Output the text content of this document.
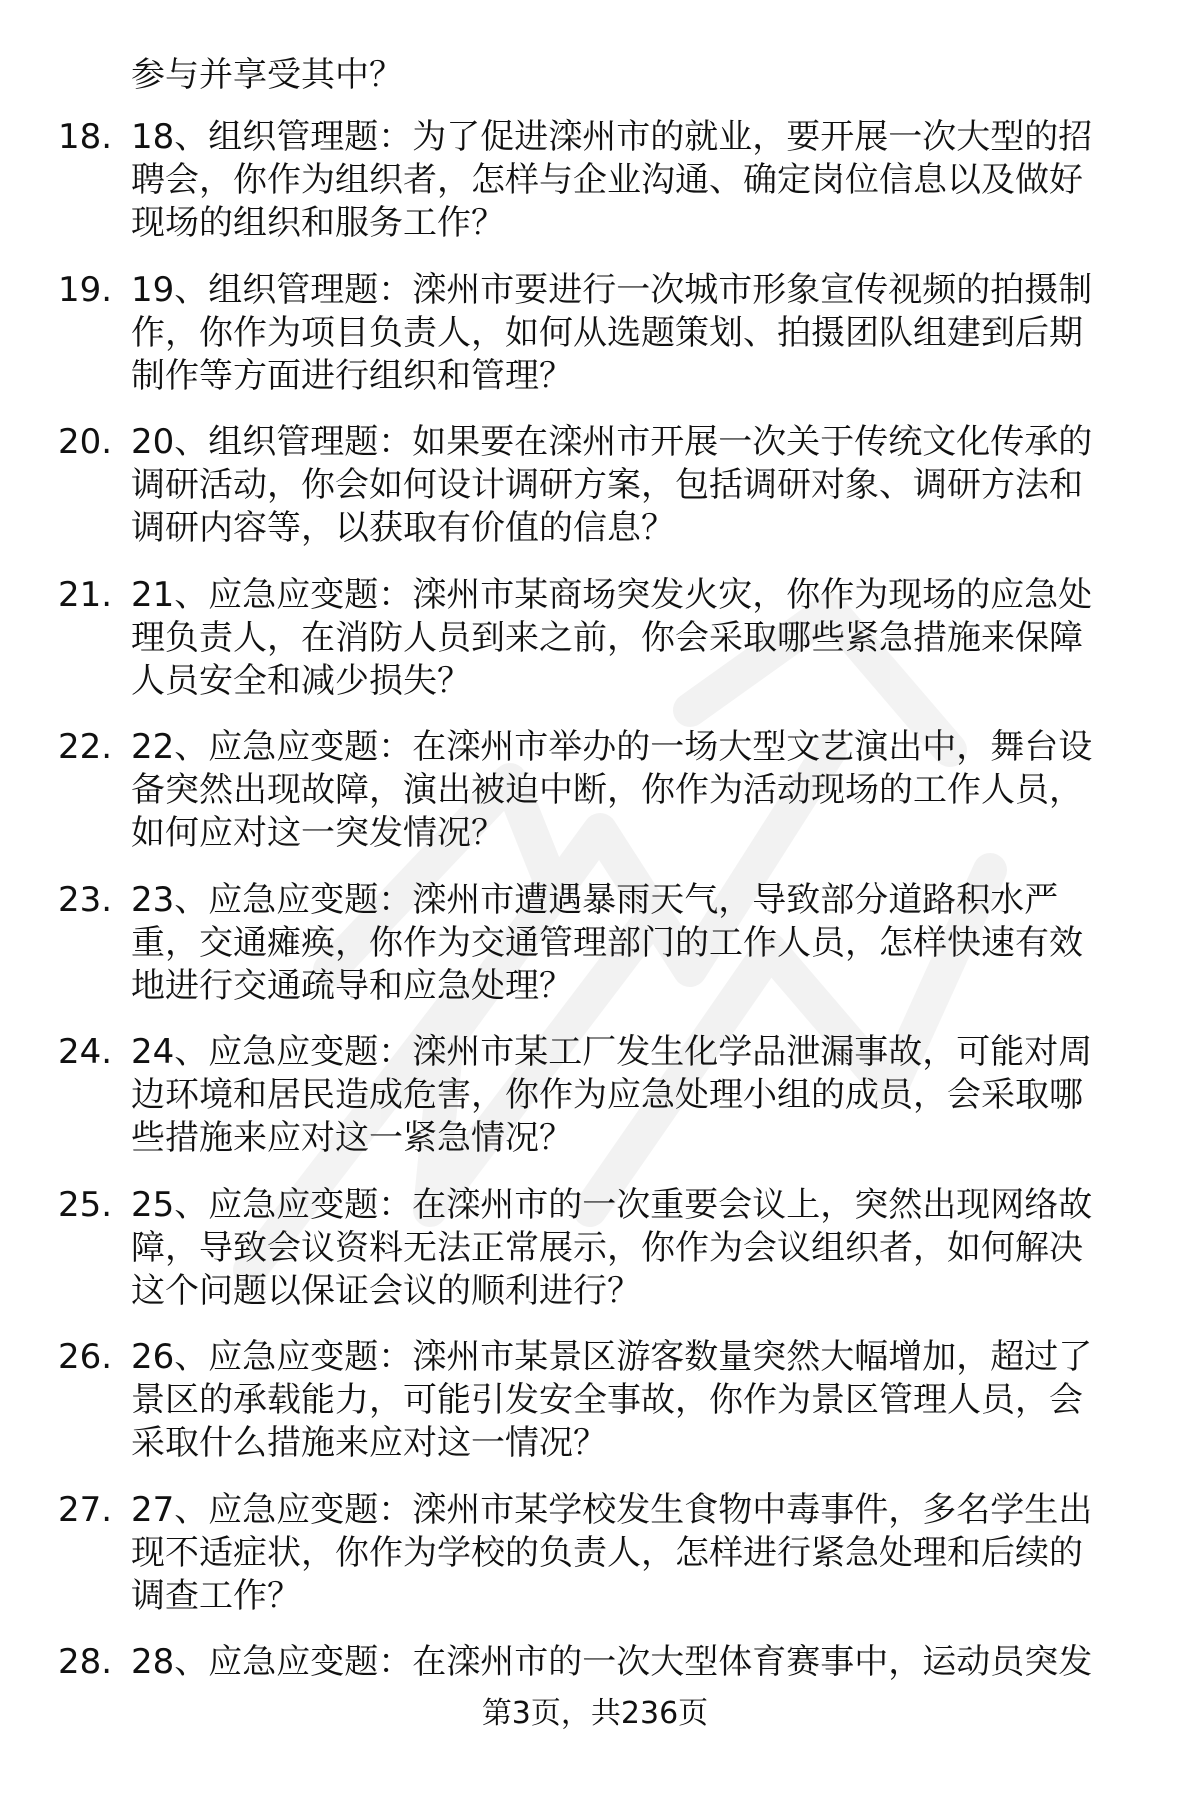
参与并享受其中？

18. 18、组织管理题：为了促进滦州市的就业，要开展一次大型的招
聘会，你作为组织者，怎样与企业沟通、确定岗位信息以及做好
现场的组织和服务工作？
19. 19、组织管理题：滦州市要进行一次城市形象宣传视频的拍摄制
作，你作为项目负责人，如何从选题策划、拍摄团队组建到后期
制作等方面进行组织和管理？
20. 20、组织管理题：如果要在滦州市开展一次关于传统文化传承的
调研活动，你会如何设计调研方案，包括调研对象、调研方法和
调研内容等，以获取有价值的信息？
21. 21、应急应变题：滦州市某商场突发火灾，你作为现场的应急处
理负责人，在消防人员到来之前，你会采取哪些紧急措施来保障
人员安全和减少损失？
22. 22、应急应变题：在滦州市举办的一场大型文艺演出中，舞台设
备突然出现故障，演出被迫中断，你作为活动现场的工作人员，
如何应对这一突发情况？
23. 23、应急应变题：滦州市遭遇暴雨天气，导致部分道路积水严
重，交通瘫痪，你作为交通管理部门的工作人员，怎样快速有效
地进行交通疏导和应急处理？
24. 24、应急应变题：滦州市某工厂发生化学品泄漏事故，可能对周
边环境和居民造成危害，你作为应急处理小组的成员，会采取哪
些措施来应对这一紧急情况？
25. 25、应急应变题：在滦州市的一次重要会议上，突然出现网络故
障，导致会议资料无法正常展示，你作为会议组织者，如何解决
这个问题以保证会议的顺利进行？
26. 26、应急应变题：滦州市某景区游客数量突然大幅增加，超过了
景区的承载能力，可能引发安全事故，你作为景区管理人员，会
采取什么措施来应对这一情况？
27. 27、应急应变题：滦州市某学校发生食物中毒事件，多名学生出
现不适症状，你作为学校的负责人，怎样进行紧急处理和后续的
调查工作？
28. 28、应急应变题：在滦州市的一次大型体育赛事中，运动员突发
第3页，共236页
